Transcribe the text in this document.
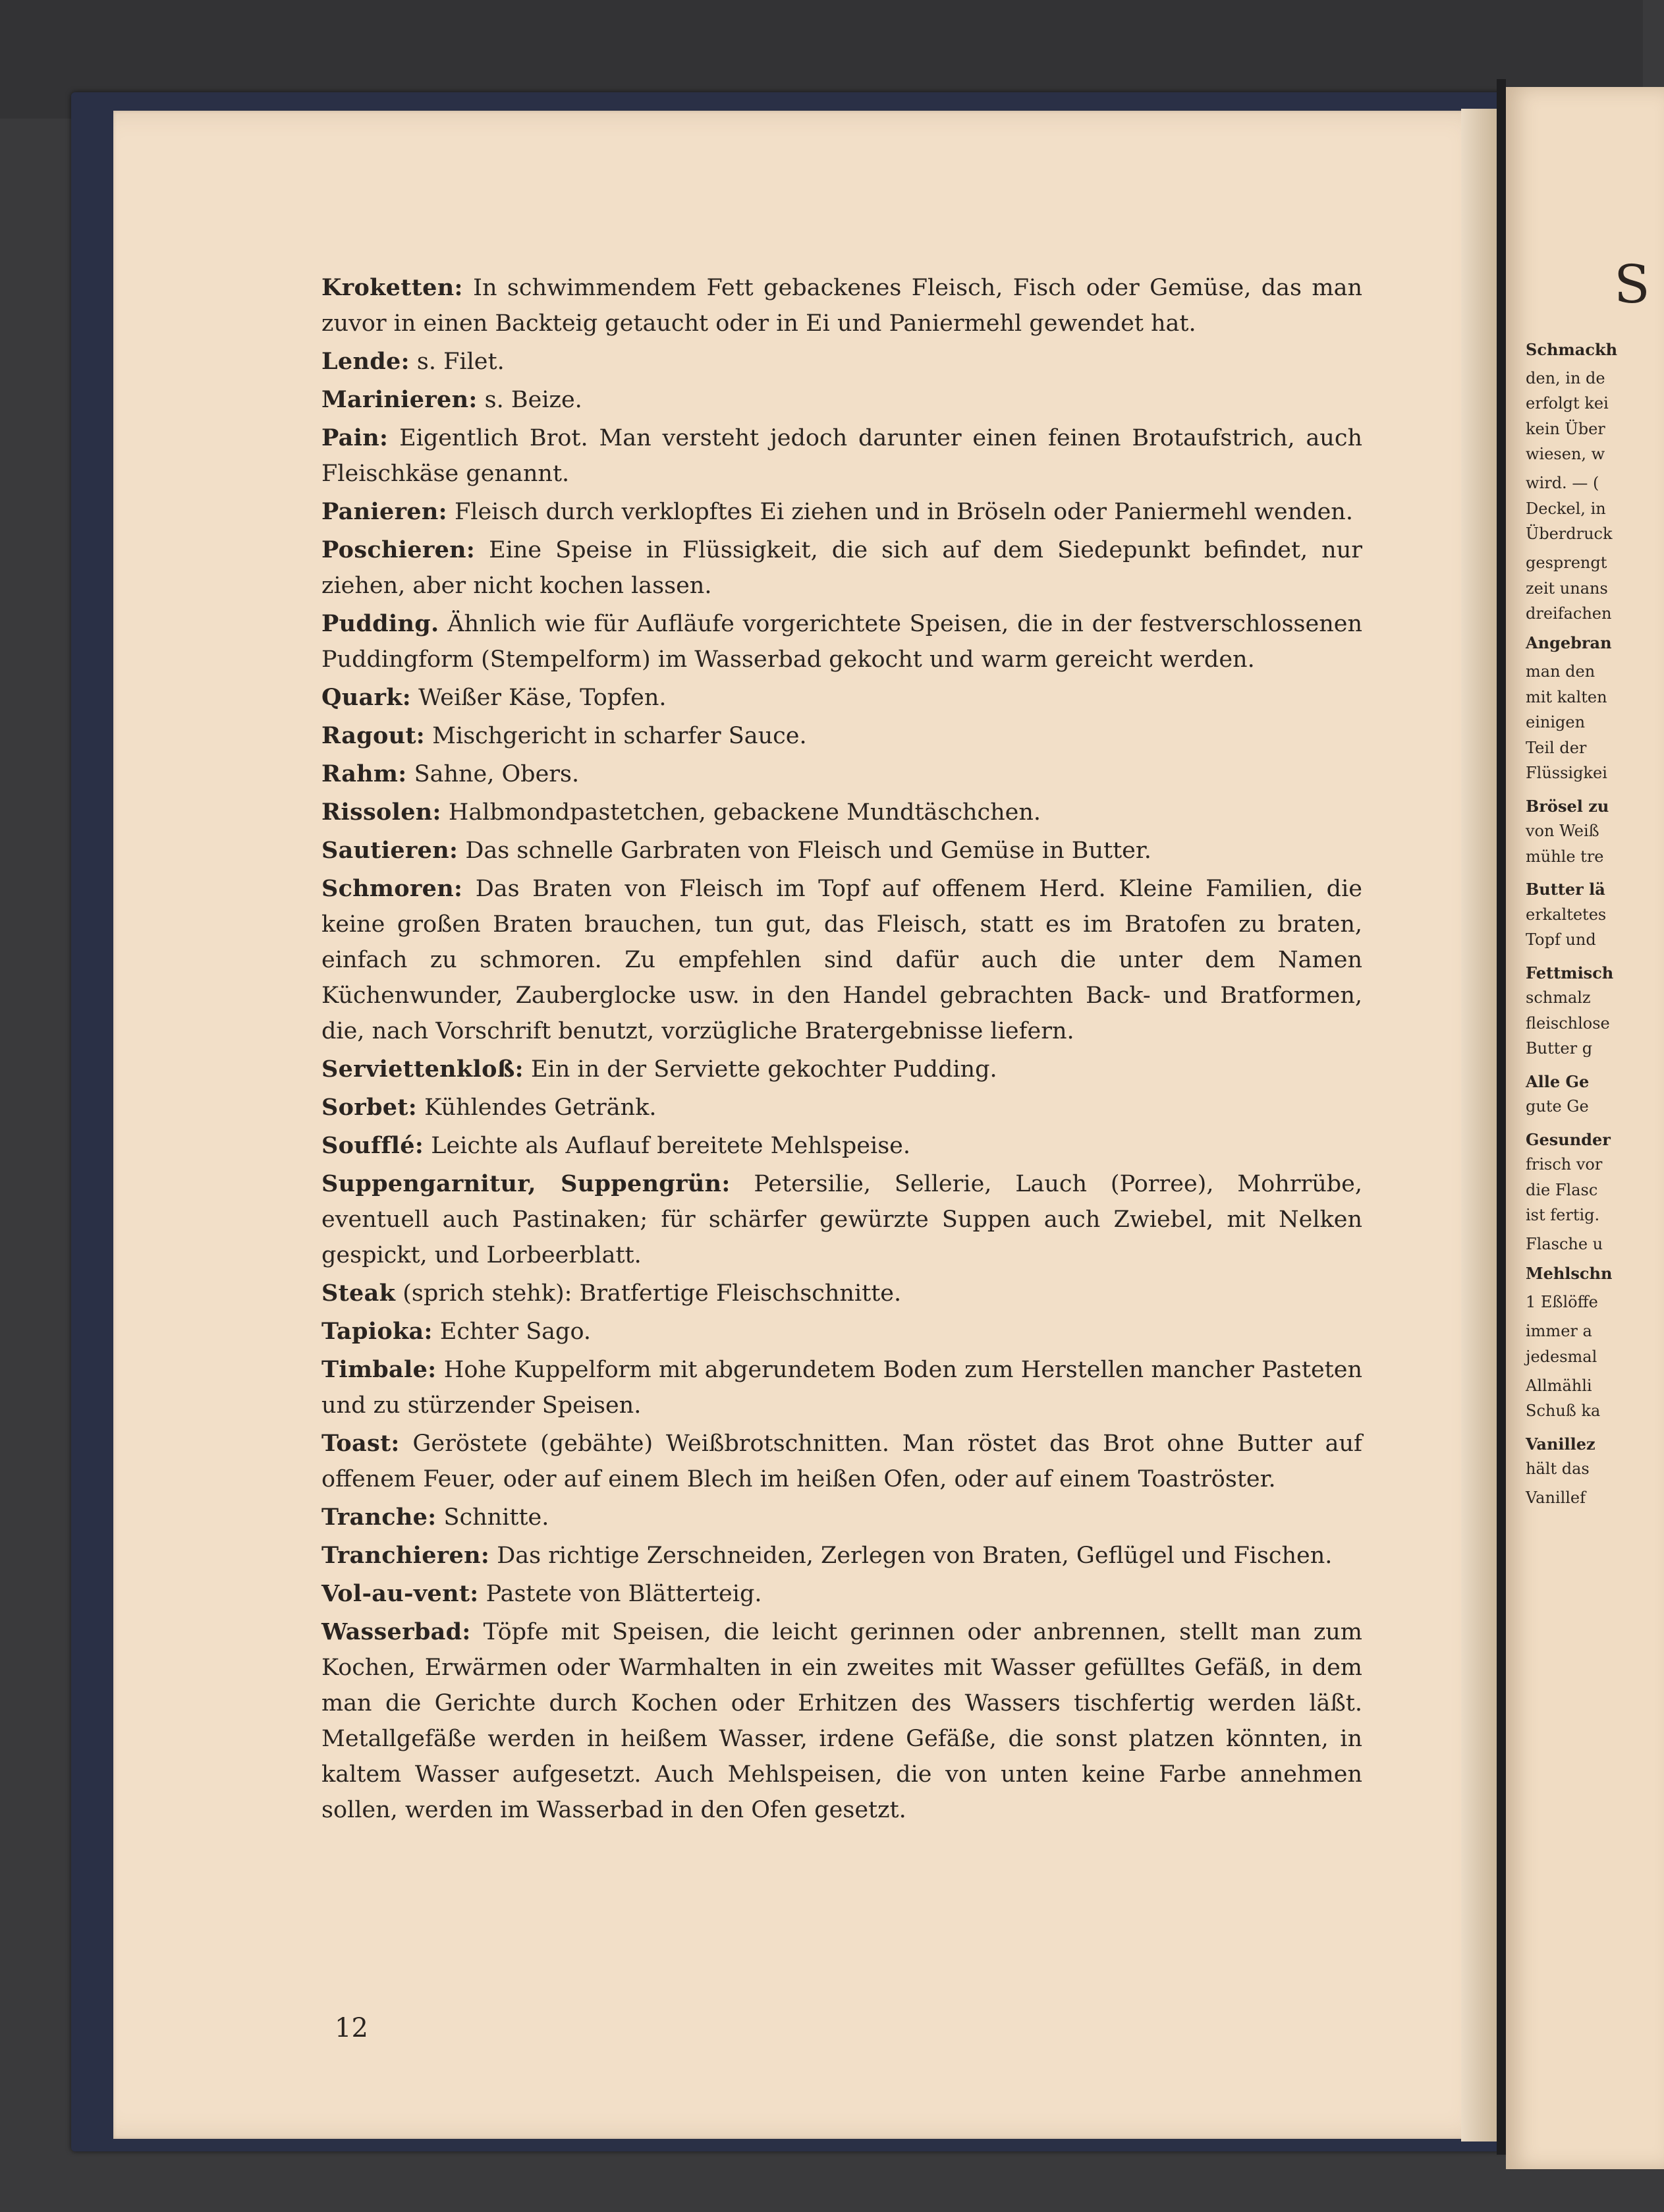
Schmackh
den, in de
erfolgt kei
kein Über
wiesen, w
wird. — (
Deckel, in
Überdruck
gesprengt
zeit unans
dreifachen
Angebran
man den
mit kalten
einigen
Teil der
Flüssigkei
Brösel zu
von Weiß
mühle tre
Butter lä
erkaltetes
Topf und
Fettmisch
schmalz
fleischlose
Butter g
Alle Ge
gute Ge
Gesunder
frisch vor
die Flasc
ist fertig.
Flasche u
Mehlschn
1 Eßlöffe
immer a
jedesmal
Allmähli
Schuß ka
Vanillez
hält das
Vanillef
S

Kroketten: In schwimmendem Fett gebackenes Fleisch, Fisch oder Gemüse, das man zuvor in einen Backteig getaucht oder in Ei und Paniermehl gewendet hat.

Lende: s. Filet.

Marinieren: s. Beize.

Pain: Eigentlich Brot. Man versteht jedoch darunter einen feinen Brotaufstrich, auch Fleischkäse genannt.

Panieren: Fleisch durch verklopftes Ei ziehen und in Bröseln oder Paniermehl wenden.

Poschieren: Eine Speise in Flüssigkeit, die sich auf dem Siedepunkt befindet, nur ziehen, aber nicht kochen lassen.

Pudding. Ähnlich wie für Aufläufe vorgerichtete Speisen, die in der festverschlossenen Puddingform (Stempelform) im Wasserbad gekocht und warm gereicht werden.

Quark: Weißer Käse, Topfen.

Ragout: Mischgericht in scharfer Sauce.

Rahm: Sahne, Obers.

Rissolen: Halbmondpastetchen, gebackene Mundtäschchen.

Sautieren: Das schnelle Garbraten von Fleisch und Gemüse in Butter.

Schmoren: Das Braten von Fleisch im Topf auf offenem Herd. Kleine Familien, die keine großen Braten brauchen, tun gut, das Fleisch, statt es im Bratofen zu braten, einfach zu schmoren. Zu empfehlen sind dafür auch die unter dem Namen Küchenwunder, Zauberglocke usw. in den Handel gebrachten Back- und Bratformen, die, nach Vorschrift benutzt, vorzügliche Bratergebnisse liefern.

Serviettenkloß: Ein in der Serviette gekochter Pudding.

Sorbet: Kühlendes Getränk.

Soufflé: Leichte als Auflauf bereitete Mehlspeise.

Suppengarnitur, Suppengrün: Petersilie, Sellerie, Lauch (Porree), Mohrrübe, eventuell auch Pastinaken; für schärfer gewürzte Suppen auch Zwiebel, mit Nelken gespickt, und Lorbeerblatt.

Steak (sprich stehk): Bratfertige Fleischschnitte.

Tapioka: Echter Sago.

Timbale: Hohe Kuppelform mit abgerundetem Boden zum Herstellen mancher Pasteten und zu stürzender Speisen.

Toast: Geröstete (gebähte) Weißbrotschnitten. Man röstet das Brot ohne Butter auf offenem Feuer, oder auf einem Blech im heißen Ofen, oder auf einem Toaströster.

Tranche: Schnitte.

Tranchieren: Das richtige Zerschneiden, Zerlegen von Braten, Geflügel und Fischen.

Vol-au-vent: Pastete von Blätterteig.

Wasserbad: Töpfe mit Speisen, die leicht gerinnen oder anbrennen, stellt man zum Kochen, Erwärmen oder Warmhalten in ein zweites mit Wasser gefülltes Gefäß, in dem man die Gerichte durch Kochen oder Erhitzen des Wassers tischfertig werden läßt. Metallgefäße werden in heißem Wasser, irdene Gefäße, die sonst platzen könnten, in kaltem Wasser aufgesetzt. Auch Mehlspeisen, die von unten keine Farbe annehmen sollen, werden im Wasserbad in den Ofen gesetzt.

12
